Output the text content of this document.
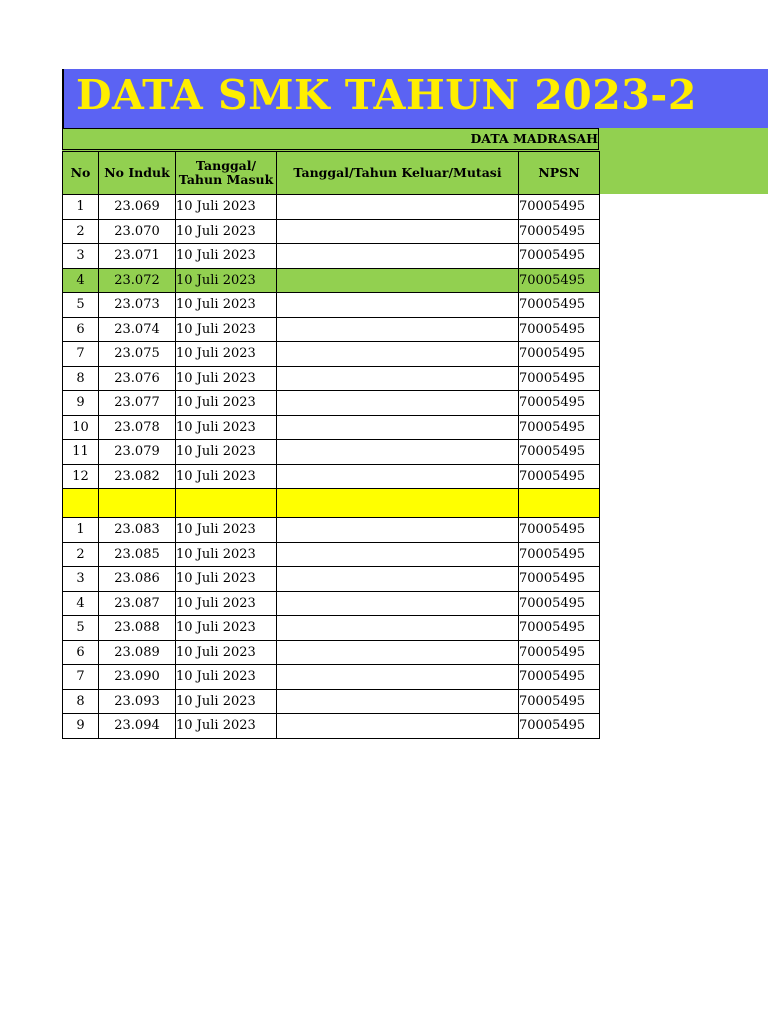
DATA SMK TAHUN 2023-2
DATA MADRASAH
No	No Induk	Tanggal/ Tahun Masuk	Tanggal/Tahun Keluar/Mutasi	NPSN
1	23.069	10 Juli 2023		70005495
2	23.070	10 Juli 2023		70005495
3	23.071	10 Juli 2023		70005495
4	23.072	10 Juli 2023		70005495
5	23.073	10 Juli 2023		70005495
6	23.074	10 Juli 2023		70005495
7	23.075	10 Juli 2023		70005495
8	23.076	10 Juli 2023		70005495
9	23.077	10 Juli 2023		70005495
10	23.078	10 Juli 2023		70005495
11	23.079	10 Juli 2023		70005495
12	23.082	10 Juli 2023		70005495

1	23.083	10 Juli 2023		70005495
2	23.085	10 Juli 2023		70005495
3	23.086	10 Juli 2023		70005495
4	23.087	10 Juli 2023		70005495
5	23.088	10 Juli 2023		70005495
6	23.089	10 Juli 2023		70005495
7	23.090	10 Juli 2023		70005495
8	23.093	10 Juli 2023		70005495
9	23.094	10 Juli 2023		70005495
